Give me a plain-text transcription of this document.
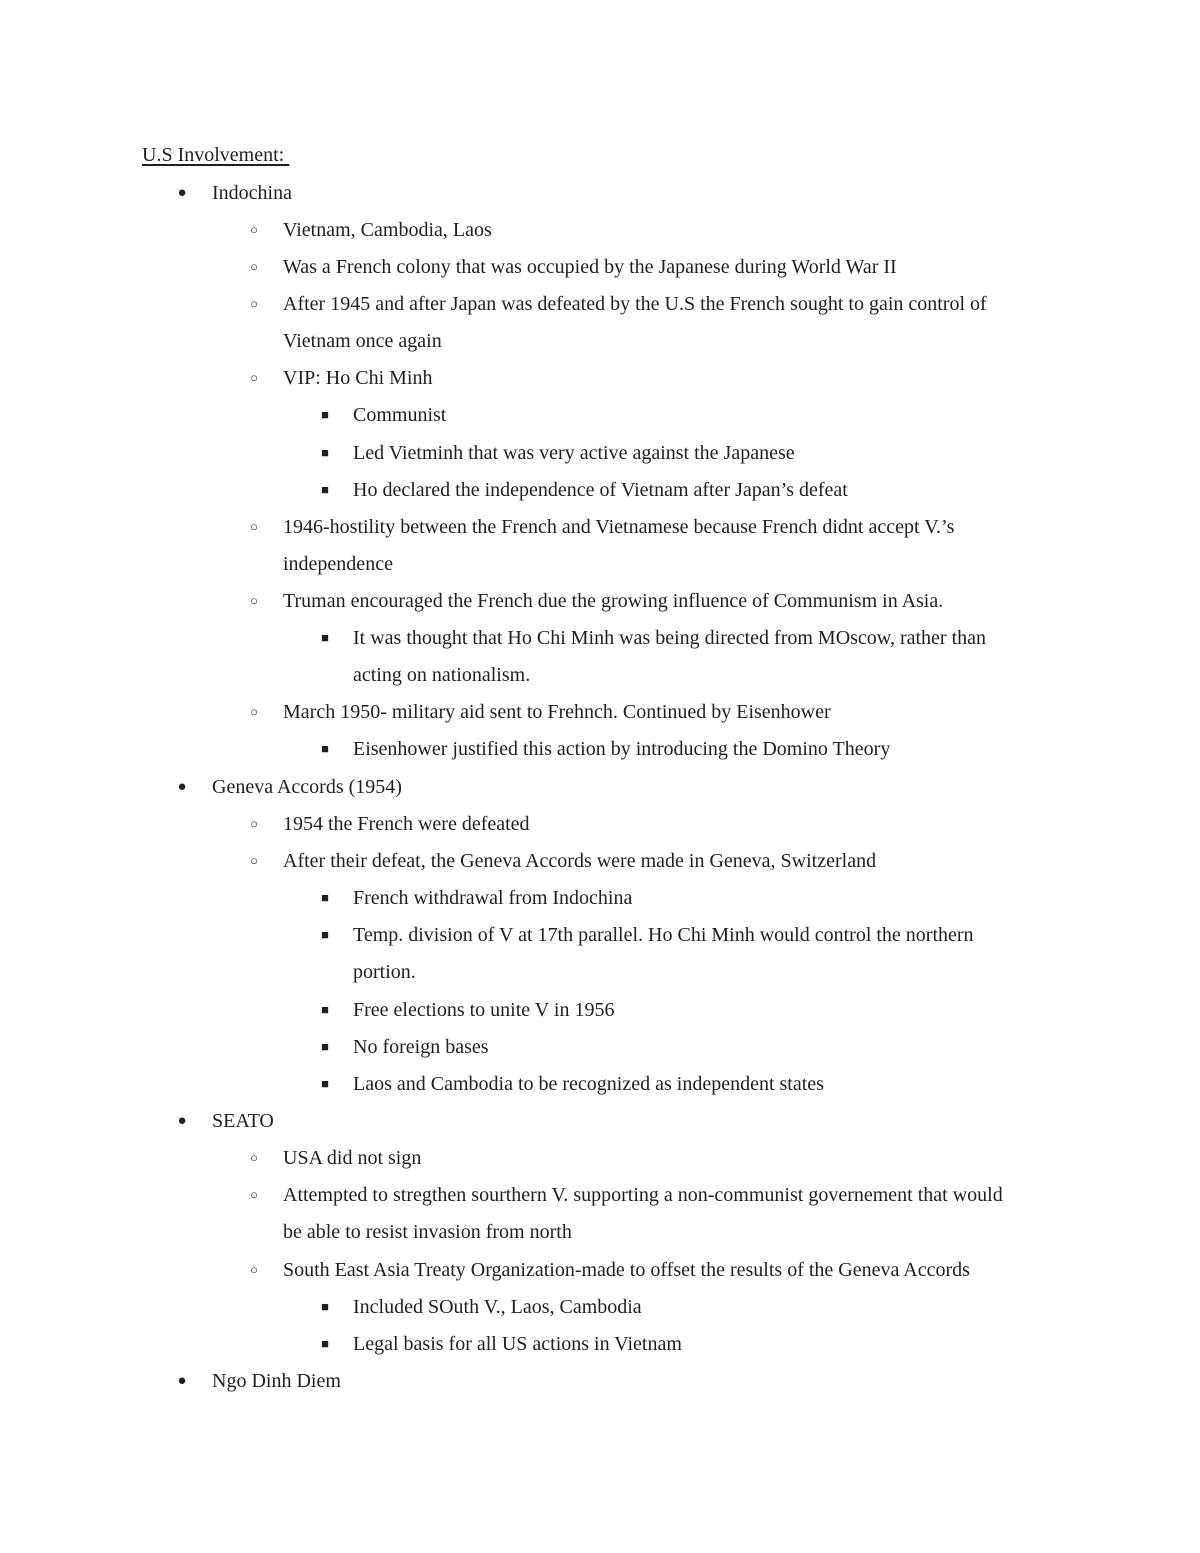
U.S Involvement:
● Indochina
○ Vietnam, Cambodia, Laos
○ Was a French colony that was occupied by the Japanese during World War II
○ After 1945 and after Japan was defeated by the U.S the French sought to gain control of
Vietnam once again
○ VIP: Ho Chi Minh
■ Communist
■ Led Vietminh that was very active against the Japanese
■ Ho declared the independence of Vietnam after Japan’s defeat
○ 1946-hostility between the French and Vietnamese because French didnt accept V.’s
independence
○ Truman encouraged the French due the growing influence of Communism in Asia.
■ It was thought that Ho Chi Minh was being directed from MOscow, rather than
acting on nationalism.
○ March 1950- military aid sent to Frehnch. Continued by Eisenhower
■ Eisenhower justified this action by introducing the Domino Theory
● Geneva Accords (1954)
○ 1954 the French were defeated
○ After their defeat, the Geneva Accords were made in Geneva, Switzerland
■ French withdrawal from Indochina
■ Temp. division of V at 17th parallel. Ho Chi Minh would control the northern
portion.
■ Free elections to unite V in 1956
■ No foreign bases
■ Laos and Cambodia to be recognized as independent states
● SEATO
○ USA did not sign
○ Attempted to stregthen sourthern V. supporting a non-communist governement that would
be able to resist invasion from north
○ South East Asia Treaty Organization-made to offset the results of the Geneva Accords
■ Included SOuth V., Laos, Cambodia
■ Legal basis for all US actions in Vietnam
● Ngo Dinh Diem
